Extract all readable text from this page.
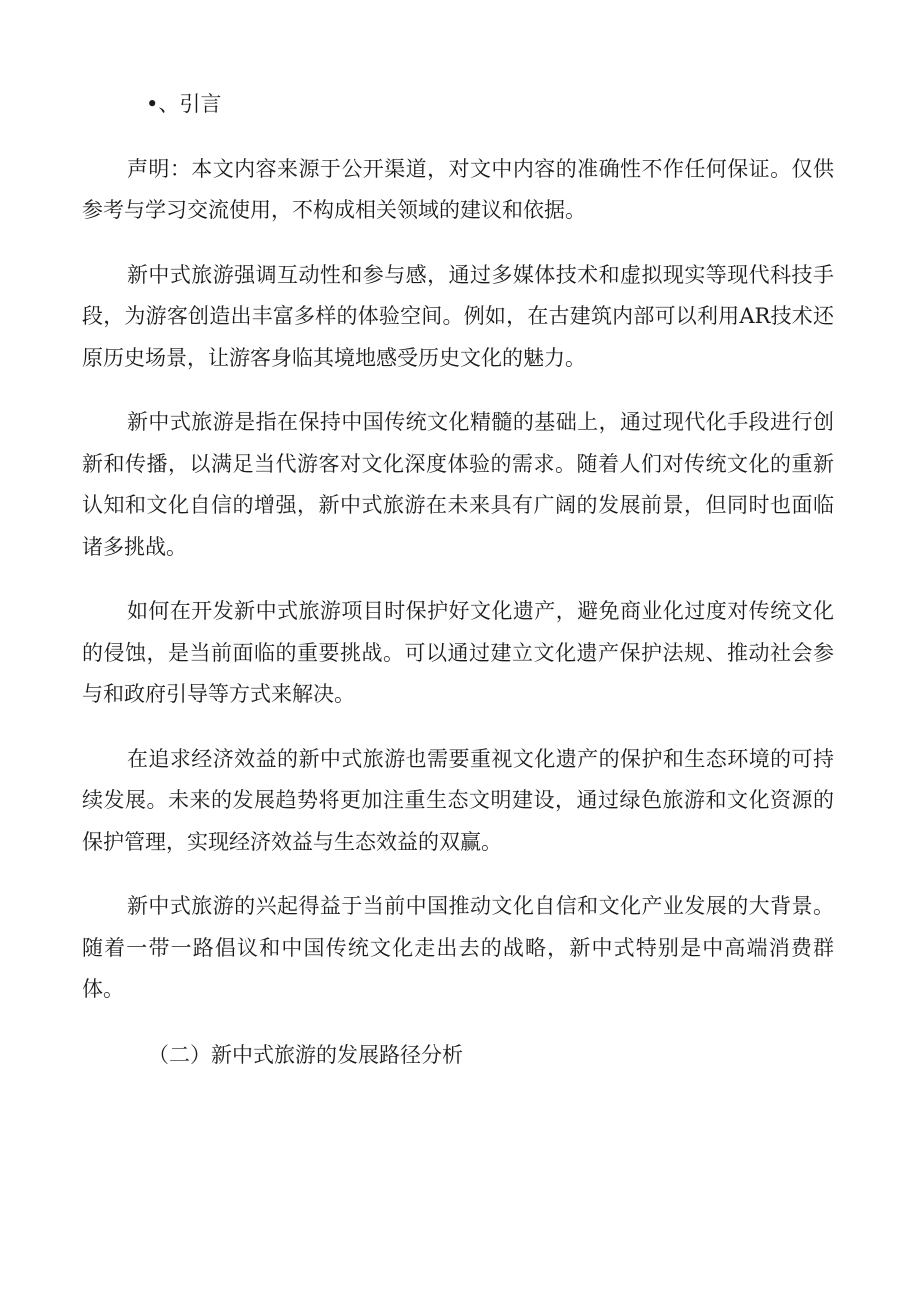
•、引言

声明：本文内容来源于公开渠道，对文中内容的准确性不作任何保证。仅供参考与学习交流使用，不构成相关领域的建议和依据。

新中式旅游强调互动性和参与感，通过多媒体技术和虚拟现实等现代科技手段，为游客创造出丰富多样的体验空间。例如，在古建筑内部可以利用AR技术还原历史场景，让游客身临其境地感受历史文化的魅力。

新中式旅游是指在保持中国传统文化精髓的基础上，通过现代化手段进行创新和传播，以满足当代游客对文化深度体验的需求。随着人们对传统文化的重新认知和文化自信的增强，新中式旅游在未来具有广阔的发展前景，但同时也面临诸多挑战。

如何在开发新中式旅游项目时保护好文化遗产，避免商业化过度对传统文化的侵蚀，是当前面临的重要挑战。可以通过建立文化遗产保护法规、推动社会参与和政府引导等方式来解决。

在追求经济效益的新中式旅游也需要重视文化遗产的保护和生态环境的可持续发展。未来的发展趋势将更加注重生态文明建设，通过绿色旅游和文化资源的保护管理，实现经济效益与生态效益的双赢。

新中式旅游的兴起得益于当前中国推动文化自信和文化产业发展的大背景。随着一带一路倡议和中国传统文化走出去的战略，新中式特别是中高端消费群体。

（二）新中式旅游的发展路径分析
